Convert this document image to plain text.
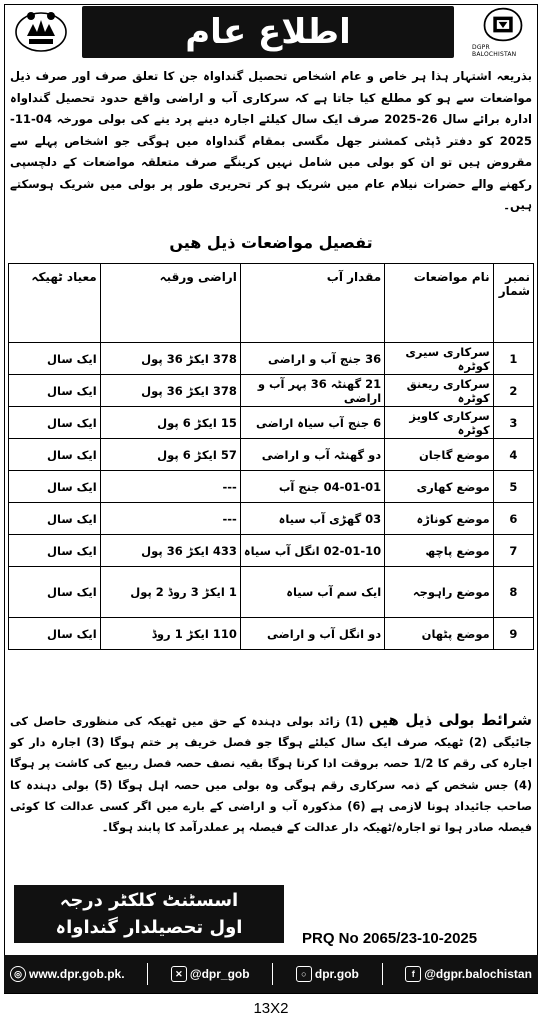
اطلاع عام	DGPR BALOCHISTAN
بذریعہ اشتہار ہذا ہر خاص و عام اشخاص تحصیل گنداواہ جن کا تعلق صرف اور صرف ذیل مواضعات سے ہو کو مطلع کیا جاتا ہے کہ سرکاری آب و اراضی واقع حدود تحصیل گنداواہ ادارہ برائے سال 26-2025 صرف ایک سال کیلئے اجارہ دینے پرد ینے کی بولی مورخہ 04-11-2025 کو دفتر ڈپٹی کمشنر جھل مگسی بمقام گنداواہ میں ہوگی جو اشخاص پہلے سے مقروض ہیں تو ان کو بولی میں شامل نہیں کرینگے صرف متعلقہ مواضعات کے دلچسپی رکھنے والے حضرات نیلام عام میں شریک ہو کر تحریری طور پر بولی میں شریک ہوسکتے ہیں۔
تفصیل مواضعات ذیل ھیں
نمبر شمار	نام مواضعات	مقدار آب	اراضی ورقبہ	معیاد ٹھیکہ
1	سرکاری سیری کوٹرہ	36 جنج آب و اراضی	378 ایکڑ 36 پول	ایک سال
2	سرکاری ریعنق کوٹرہ	21 گھنٹہ 36 پہر آب و اراضی	378 ایکڑ 36 پول	ایک سال
3	سرکاری کاویز کوٹرہ	6 جنج آب سیاہ اراضی	15 ایکڑ 6 پول	ایک سال
4	موضع گاجان	دو گھنٹہ آب و اراضی	57 ایکڑ 6 پول	ایک سال
5	موضع کھاری	04-01-01 جنج آب	---	ایک سال
6	موضع کوناڑہ	03 گھڑی آب سیاہ	---	ایک سال
7	موضع پاچھ	02-01-10 انگل آب سیاہ	433 ایکڑ 36 پول	ایک سال
8	موضع راہوجہ	ایک سم آب سیاہ	1 ایکڑ 3 روڈ 2 پول	ایک سال
9	موضع پٹھان	دو انگل آب و اراضی	110 ایکڑ 1 روڈ	ایک سال
شرائط بولی ذیل ھیں (1) زائد بولی دہندہ کے حق میں ٹھیکہ کی منظوری حاصل کی جائیگی (2) ٹھیکہ صرف ایک سال کیلئے ہوگا جو فصل خریف پر ختم ہوگا (3) اجارہ دار کو اجارہ کی رقم کا 1/2 حصہ بروقت ادا کرنا ہوگا بقیہ نصف حصہ فصل ربیع کی کاشت پر ہوگا (4) جس شخص کے ذمہ سرکاری رقم ہوگی وہ بولی میں حصہ اہل ہوگا (5) بولی دہندہ کا صاحب جائیداد ہونا لازمی ہے (6) مذکورہ آب و اراضی کے بارے میں اگر کسی عدالت کا کوئی فیصلہ صادر ہوا تو اجارہ/ٹھیکہ دار عدالت کے فیصلہ پر عملدرآمد کا پابند ہوگا۔
اسسٹنٹ کلکٹر درجہ
اول تحصیلدار گنداواہ
PRQ No 2065/23-10-2025
◎ www.dpr.gob.pk.	✕ @dpr_gob	○ dpr.gob	f @dgpr.balochistan
13X2
